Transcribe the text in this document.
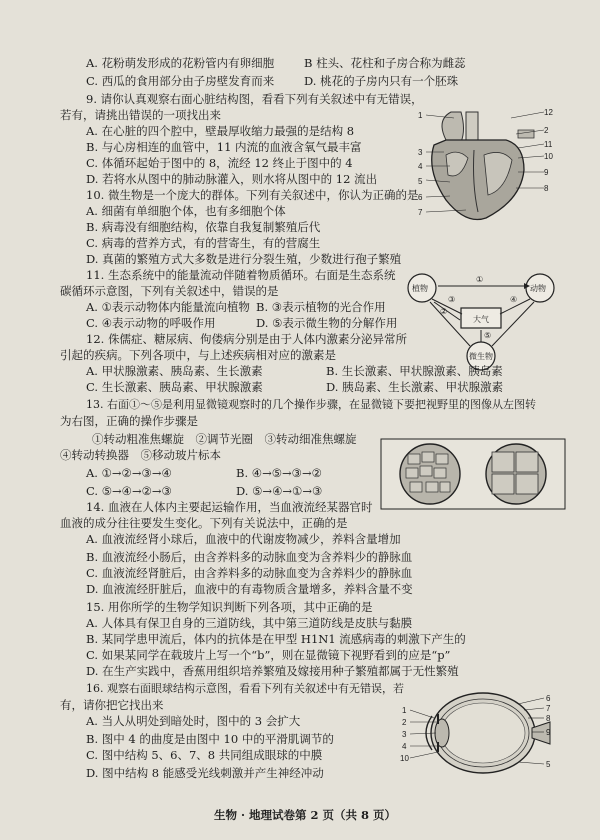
A. 花粉萌发形成的花粉管内有卵细胞	B 柱头、花柱和子房合称为雌蕊
C. 西瓜的食用部分由子房壁发育而来	D. 桃花的子房内只有一个胚珠
9. 请你认真观察右面心脏结构图，看看下列有关叙述中有无错误，
若有，请挑出错误的一项找出来
A. 在心脏的四个腔中，壁最厚收缩力最强的是结构 8
B. 与心房相连的血管中，11 内流的血液含氧气最丰富
C. 体循环起始于图中的 8，流经 12 终止于图中的 4
D. 若将水从图中的肺动脉灌入，则水将从图中的 12 流出
1
3
4
5
6
7
12
2
11
10
9
8
10. 微生物是一个庞大的群体。下列有关叙述中，你认为正确的是
A. 细菌有单细胞个体，也有多细胞个体
B. 病毒没有细胞结构，依靠自我复制繁殖后代
C. 病毒的营养方式，有的营寄生，有的营腐生
D. 真菌的繁殖方式大多数是进行分裂生殖，少数进行孢子繁殖
11. 生态系统中的能量流动伴随着物质循环。右面是生态系统
碳循环示意图，下列有关叙述中，错误的是
A. ①表示动物体内能量流向植物 B. ③表示植物的光合作用
C. ④表示动物的呼吸作用	D. ⑤表示微生物的分解作用
植物	动物
大气
微生物
①
②
③	④
⑤
12. 侏儒症、糖尿病、佝偻病分别是由于人体内激素分泌异常所
引起的疾病。下列各项中，与上述疾病相对应的激素是
A. 甲状腺激素、胰岛素、生长激素	B. 生长激素、甲状腺激素、胰岛素
C. 生长激素、胰岛素、甲状腺激素	D. 胰岛素、生长激素、甲状腺激素
13. 右面①～⑤是利用显微镜观察时的几个操作步骤，在显微镜下要把视野里的图像从左图转
为右图，正确的操作步骤是
①转动粗准焦螺旋　②调节光圈　③转动细准焦螺旋
④转动转换器　⑤移动玻片标本
A. ①→②→③→④	B. ④→⑤→③→②
C. ⑤→④→②→③	D. ⑤→④→①→③
14. 血液在人体内主要起运输作用，当血液流经某器官时
血液的成分往往要发生变化。下列有关说法中，正确的是
A. 血液流经肾小球后，血液中的代谢废物减少，养料含量增加
B. 血液流经小肠后，由含养料多的动脉血变为含养料少的静脉血
C. 血液流经肾脏后，由含养料多的动脉血变为含养料少的静脉血
D. 血液流经肝脏后，血液中的有毒物质含量增多，养料含量不变
15. 用你所学的生物学知识判断下列各项，其中正确的是
A. 人体具有保卫自身的三道防线，其中第三道防线是皮肤与黏膜
B. 某同学患甲流后，体内的抗体是在甲型 H1N1 流感病毒的刺激下产生的
C. 如果某同学在载玻片上写一个“b”，则在显微镜下视野看到的应是“p”
D. 在生产实践中，香蕉用组织培养繁殖及嫁接用种子繁殖都属于无性繁殖
16. 观察右面眼球结构示意图，看看下列有关叙述中有无错误，若
有，请你把它找出来
A. 当人从明处到暗处时，图中的 3 会扩大
B. 图中 4 的曲度是由图中 10 中的平滑肌调节的
C. 图中结构 5、6、7、8 共同组成眼球的中膜
D. 图中结构 8 能感受光线刺激并产生神经冲动
1
2
3
4
10
6
7
8
9
5
生物 · 地理试卷第 2 页（共 8 页）
